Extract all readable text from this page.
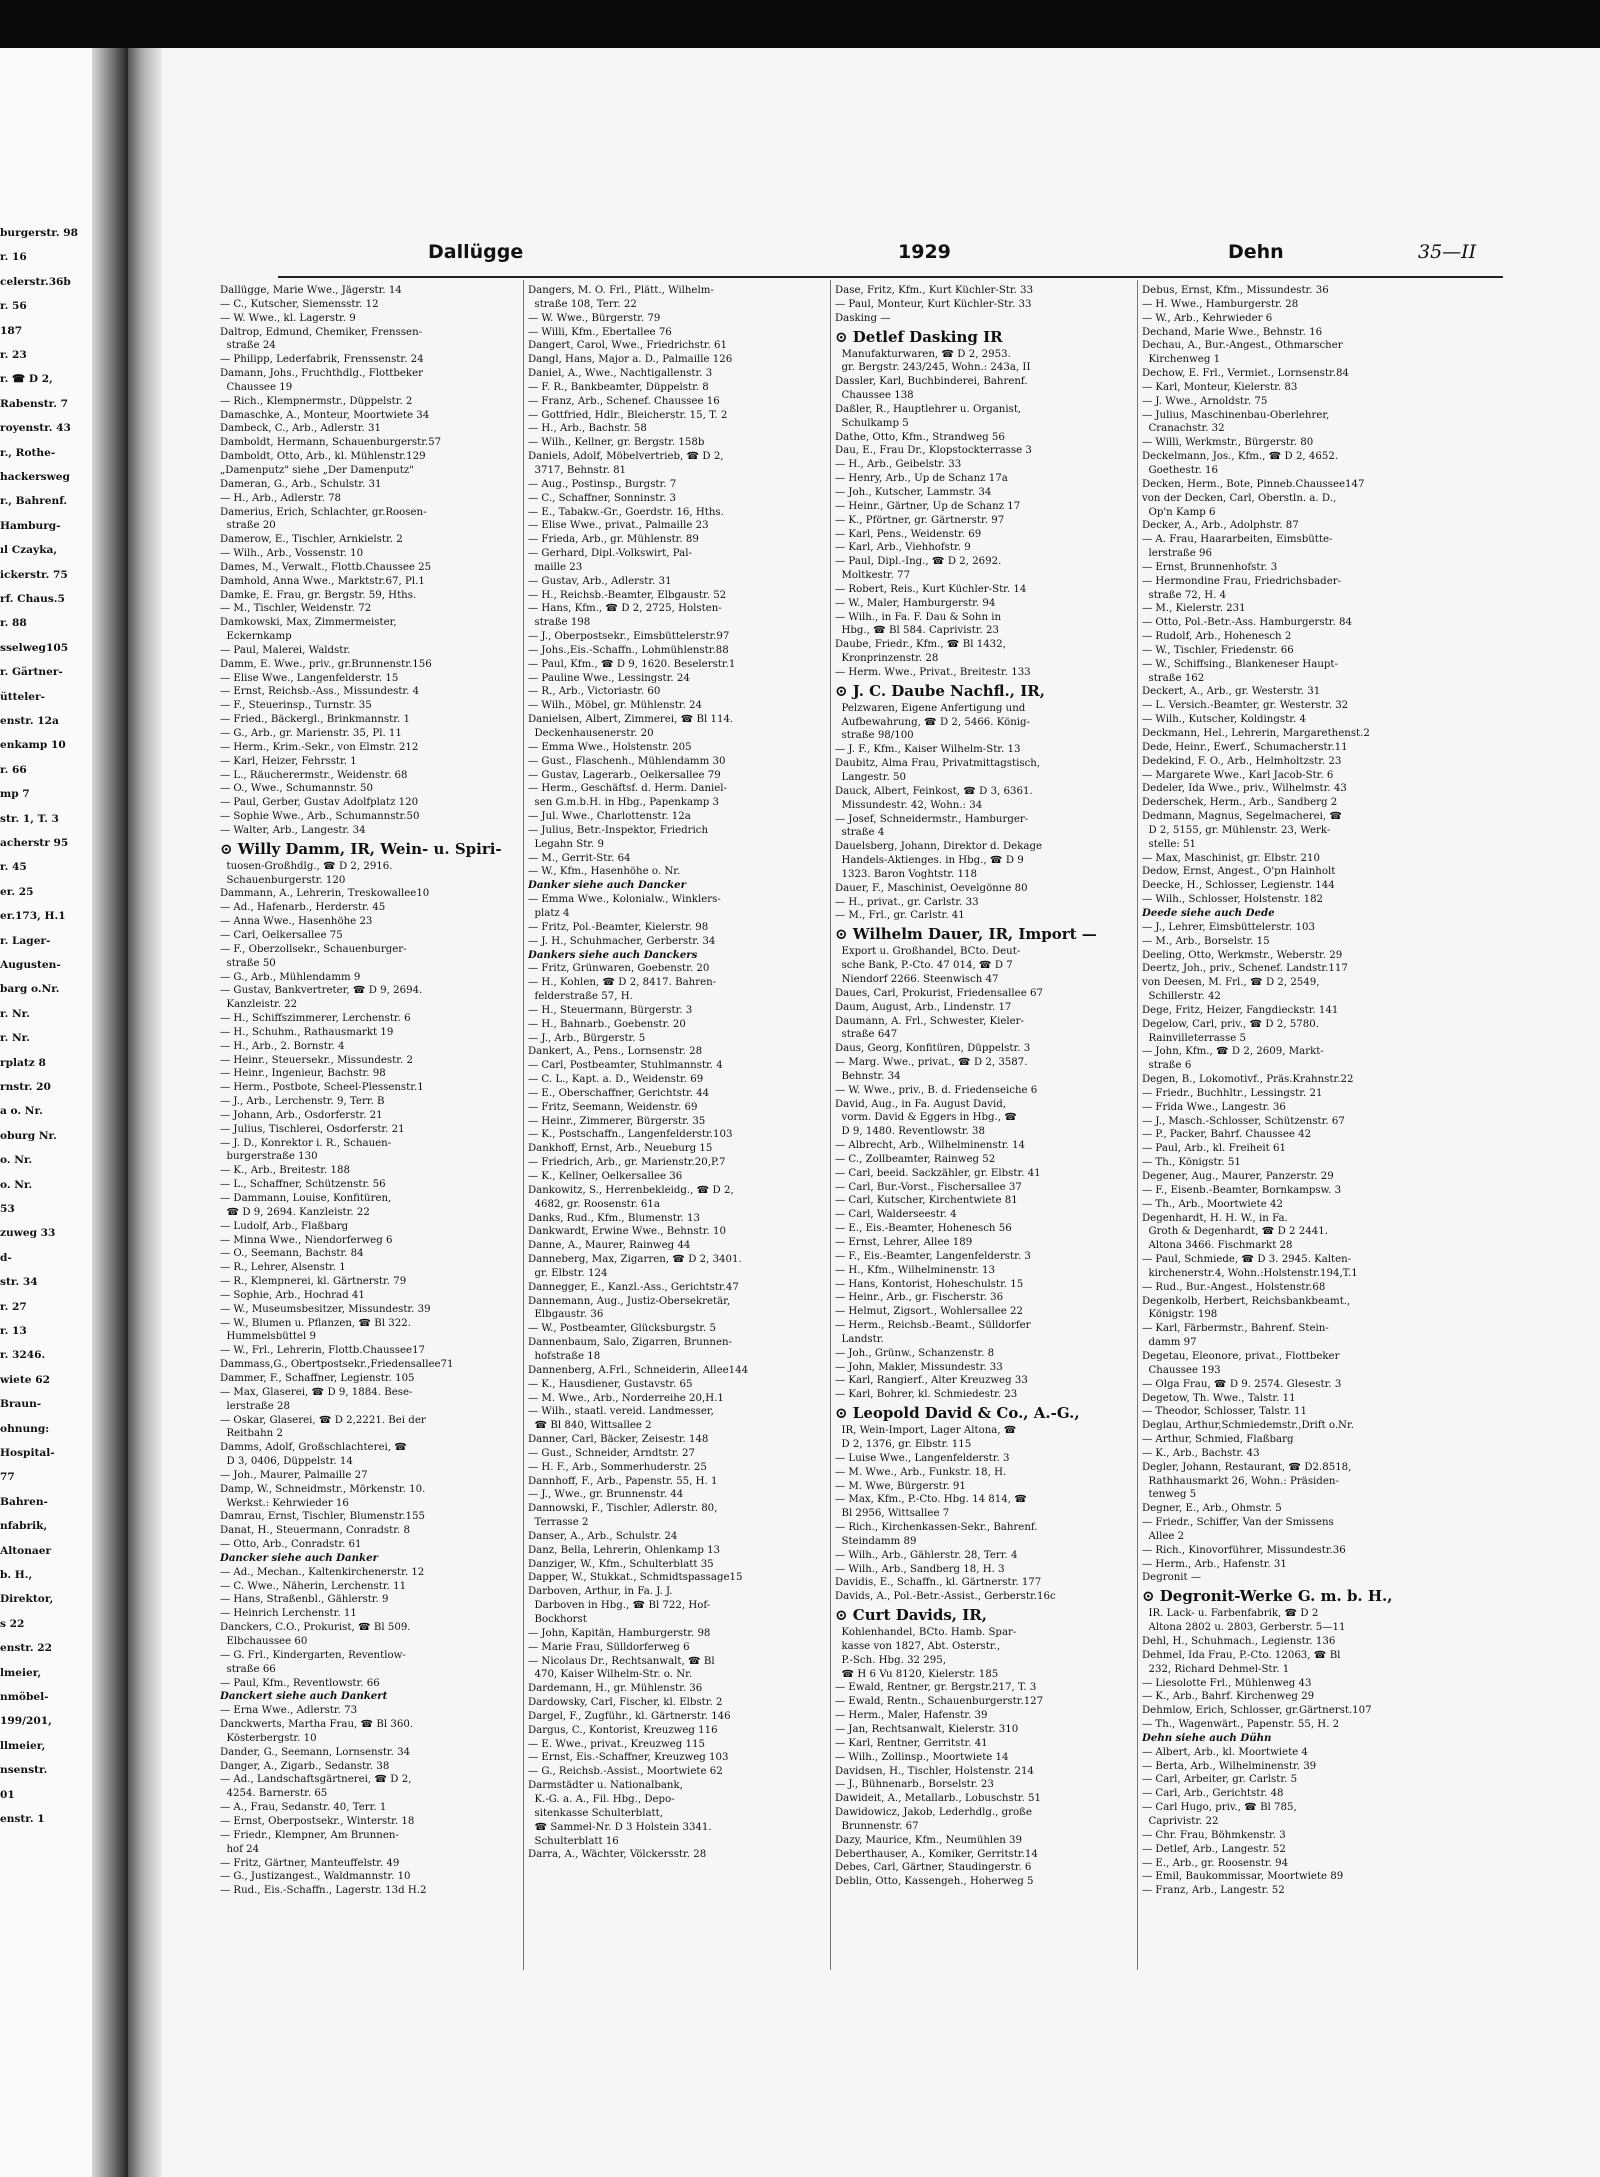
burgerstr. 98
r. 16
celerstr.36b
r. 56
187
r. 23
r. ☎ D 2,
Rabenstr. 7
royenstr. 43
r., Rothe-
hackersweg
r., Bahrenf.
Hamburg-
ıl Czayka,
ickerstr. 75
rf. Chaus.5
r. 88
sselweg105
r. Gärtner-
ütteler-
enstr. 12a
enkamp 10
r. 66
mp 7
str. 1, T. 3
acherstr 95
r. 45
er. 25
er.173, H.1
r. Lager-
Augusten-
barg o.Nr.
r. Nr.
r. Nr.
rplatz 8
rnstr. 20
a o. Nr.
oburg Nr.
o. Nr.
o. Nr.
53
zuweg 33
d-
str. 34
r. 27
r. 13
r. 3246.
wiete 62
Braun-
ohnung:
Hospital-
77
Bahren-
nfabrik,
Altonaer
b. H.,
Direktor,
s 22
enstr. 22
lmeier,
nmöbel-
199/201,
llmeier,
nsenstr.
01
enstr. 1
Dallügge	1929	Dehn	35—II
Dallügge, Marie Wwe., Jägerstr. 14
— C., Kutscher, Siemensstr. 12
— W. Wwe., kl. Lagerstr. 9
Daltrop, Edmund, Chemiker, Frenssen-
straße 24
— Philipp, Lederfabrik, Frenssenstr. 24
Damann, Johs., Fruchthdlg., Flottbeker
Chaussee 19
— Rich., Klempnermstr., Düppelstr. 2
Damaschke, A., Monteur, Moortwiete 34
Dambeck, C., Arb., Adlerstr. 31
Damboldt, Hermann, Schauenburgerstr.57
Damboldt, Otto, Arb., kl. Mühlenstr.129
„Damenputz" siehe „Der Damenputz"
Dameran, G., Arb., Schulstr. 31
— H., Arb., Adlerstr. 78
Damerius, Erich, Schlachter, gr.Roosen-
straße 20
Damerow, E., Tischler, Arnkielstr. 2
— Wilh., Arb., Vossenstr. 10
Dames, M., Verwalt., Flottb.Chaussee 25
Damhold, Anna Wwe., Marktstr.67, Pl.1
Damke, E. Frau, gr. Bergstr. 59, Hths.
— M., Tischler, Weidenstr. 72
Damkowski, Max, Zimmermeister,
Eckernkamp
— Paul, Malerei, Waldstr.
Damm, E. Wwe., priv., gr.Brunnenstr.156
— Elise Wwe., Langenfelderstr. 15
— Ernst, Reichsb.-Ass., Missundestr. 4
— F., Steuerinsp., Turnstr. 35
— Fried., Bäckergl., Brinkmannstr. 1
— G., Arb., gr. Marienstr. 35, Pl. 11
— Herm., Krim.-Sekr., von Elmstr. 212
— Karl, Heizer, Fehrsstr. 1
— L., Räucherermstr., Weidenstr. 68
— O., Wwe., Schumannstr. 50
— Paul, Gerber, Gustav Adolfplatz 120
— Sophie Wwe., Arb., Schumannstr.50
— Walter, Arb., Langestr. 34
⊙ Willy Damm, IR, Wein- u. Spiri-
tuosen-Großhdlg., ☎ D 2, 2916.
Schauenburgerstr. 120
Dammann, A., Lehrerin, Treskowallee10
— Ad., Hafenarb., Herderstr. 45
— Anna Wwe., Hasenhöhe 23
— Carl, Oelkersallee 75
— F., Oberzollsekr., Schauenburger-
straße 50
— G., Arb., Mühlendamm 9
— Gustav, Bankvertreter, ☎ D 9, 2694.
Kanzleistr. 22
— H., Schiffszimmerer, Lerchenstr. 6
— H., Schuhm., Rathausmarkt 19
— H., Arb., 2. Bornstr. 4
— Heinr., Steuersekr., Missundestr. 2
— Heinr., Ingenieur, Bachstr. 98
— Herm., Postbote, Scheel-Plessenstr.1
— J., Arb., Lerchenstr. 9, Terr. B
— Johann, Arb., Osdorferstr. 21
— Julius, Tischlerei, Osdorferstr. 21
— J. D., Konrektor i. R., Schauen-
burgerstraße 130
— K., Arb., Breitestr. 188
— L., Schaffner, Schützenstr. 56
— Dammann, Louise, Konfitüren,
☎ D 9, 2694. Kanzleistr. 22
— Ludolf, Arb., Flaßbarg
— Minna Wwe., Niendorferweg 6
— O., Seemann, Bachstr. 84
— R., Lehrer, Alsenstr. 1
— R., Klempnerei, kl. Gärtnerstr. 79
— Sophie, Arb., Hochrad 41
— W., Museumsbesitzer, Missundestr. 39
— W., Blumen u. Pflanzen, ☎ Bl 322.
Hummelsbüttel 9
— W., Frl., Lehrerin, Flottb.Chaussee17
Dammass,G., Obertpostsekr.,Friedensallee71
Dammer, F., Schaffner, Legienstr. 105
— Max, Glaserei, ☎ D 9, 1884. Bese-
lerstraße 28
— Oskar, Glaserei, ☎ D 2,2221. Bei der
Reitbahn 2
Damms, Adolf, Großschlachterei, ☎
D 3, 0406, Düppelstr. 14
— Joh., Maurer, Palmaille 27
Damp, W., Schneidmstr., Mörkenstr. 10.
Werkst.: Kehrwieder 16
Damrau, Ernst, Tischler, Blumenstr.155
Danat, H., Steuermann, Conradstr. 8
— Otto, Arb., Conradstr. 61
Dancker siehe auch Danker
— Ad., Mechan., Kaltenkirchenerstr. 12
— C. Wwe., Näherin, Lerchenstr. 11
— Hans, Straßenbl., Gählerstr. 9
— Heinrich Lerchenstr. 11
Danckers, C.O., Prokurist, ☎ Bl 509.
Elbchaussee 60
— G. Frl., Kindergarten, Reventlow-
straße 66
— Paul, Kfm., Reventlowstr. 66
Danckert siehe auch Dankert
— Erna Wwe., Adlerstr. 73
Danckwerts, Martha Frau, ☎ Bl 360.
Kösterbergstr. 10
Dander, G., Seemann, Lornsenstr. 34
Danger, A., Zigarb., Sedanstr. 38
— Ad., Landschaftsgärtnerei, ☎ D 2,
4254. Barnerstr. 65
— A., Frau, Sedanstr. 40, Terr. 1
— Ernst, Oberpostsekr., Winterstr. 18
— Friedr., Klempner, Am Brunnen-
hof 24
— Fritz, Gärtner, Manteuffelstr. 49
— G., Justizangest., Waldmannstr. 10
— Rud., Eis.-Schaffn., Lagerstr. 13d H.2
Dangers, M. O. Frl., Plätt., Wilhelm-
straße 108, Terr. 22
— W. Wwe., Bürgerstr. 79
— Willi, Kfm., Ebertallee 76
Dangert, Carol, Wwe., Friedrichstr. 61
Dangl, Hans, Major a. D., Palmaille 126
Daniel, A., Wwe., Nachtigallenstr. 3
— F. R., Bankbeamter, Düppelstr. 8
— Franz, Arb., Schenef. Chaussee 16
— Gottfried, Hdlr., Bleicherstr. 15, T. 2
— H., Arb., Bachstr. 58
— Wilh., Kellner, gr. Bergstr. 158b
Daniels, Adolf, Möbelvertrieb, ☎ D 2,
3717, Behnstr. 81
— Aug., Postinsp., Burgstr. 7
— C., Schaffner, Sonninstr. 3
— E., Tabakw.-Gr., Goerdstr. 16, Hths.
— Elise Wwe., privat., Palmaille 23
— Frieda, Arb., gr. Mühlenstr. 89
— Gerhard, Dipl.-Volkswirt, Pal-
maille 23
— Gustav, Arb., Adlerstr. 31
— H., Reichsb.-Beamter, Elbgaustr. 52
— Hans, Kfm., ☎ D 2, 2725, Holsten-
straße 198
— J., Oberpostsekr., Eimsbüttelerstr.97
— Johs.,Eis.-Schaffn., Lohmühlenstr.88
— Paul, Kfm., ☎ D 9, 1620. Beselerstr.1
— Pauline Wwe., Lessingstr. 24
— R., Arb., Victoriastr. 60
— Wilh., Möbel, gr. Mühlenstr. 24
Danielsen, Albert, Zimmerei, ☎ Bl 114.
Deckenhausenerstr. 20
— Emma Wwe., Holstenstr. 205
— Gust., Flaschenh., Mühlendamm 30
— Gustav, Lagerarb., Oelkersallee 79
— Herm., Geschäftsf. d. Herm. Daniel-
sen G.m.b.H. in Hbg., Papenkamp 3
— Jul. Wwe., Charlottenstr. 12a
— Julius, Betr.-Inspektor, Friedrich
Legahn Str. 9
— M., Gerrit-Str. 64
— W., Kfm., Hasenhöhe o. Nr.
Danker siehe auch Dancker
— Emma Wwe., Kolonialw., Winklers-
platz 4
— Fritz, Pol.-Beamter, Kielerstr. 98
— J. H., Schuhmacher, Gerberstr. 34
Dankers siehe auch Danckers
— Fritz, Grünwaren, Goebenstr. 20
— H., Kohlen, ☎ D 2, 8417. Bahren-
felderstraße 57, H.
— H., Steuermann, Bürgerstr. 3
— H., Bahnarb., Goebenstr. 20
— J., Arb., Bürgerstr. 5
Dankert, A., Pens., Lornsenstr. 28
— Carl, Postbeamter, Stuhlmannstr. 4
— C. L., Kapt. a. D., Weidenstr. 69
— E., Oberschaffner, Gerichtstr. 44
— Fritz, Seemann, Weidenstr. 69
— Heinr., Zimmerer, Bürgerstr. 35
— K., Postschaffn., Langenfelderstr.103
Dankhoff, Ernst, Arb., Neueburg 15
— Friedrich, Arb., gr. Marienstr.20,P.7
— K., Kellner, Oelkersallee 36
Dankowitz, S., Herrenbekleidg., ☎ D 2,
4682, gr. Roosenstr. 61a
Danks, Rud., Kfm., Blumenstr. 13
Dankwardt, Erwine Wwe., Behnstr. 10
Danne, A., Maurer, Rainweg 44
Danneberg, Max, Zigarren, ☎ D 2, 3401.
gr. Elbstr. 124
Dannegger, E., Kanzl.-Ass., Gerichtstr.47
Dannemann, Aug., Justiz-Obersekretär,
Elbgaustr. 36
— W., Postbeamter, Glücksburgstr. 5
Dannenbaum, Salo, Zigarren, Brunnen-
hofstraße 18
Dannenberg, A.Frl., Schneiderin, Allee144
— K., Hausdiener, Gustavstr. 65
— M. Wwe., Arb., Norderreihe 20,H.1
— Wilh., staatl. vereid. Landmesser,
☎ Bl 840, Wittsallee 2
Danner, Carl, Bäcker, Zeisestr. 148
— Gust., Schneider, Arndtstr. 27
— H. F., Arb., Sommerhuderstr. 25
Dannhoff, F., Arb., Papenstr. 55, H. 1
— J., Wwe., gr. Brunnenstr. 44
Dannowski, F., Tischler, Adlerstr. 80,
Terrasse 2
Danser, A., Arb., Schulstr. 24
Danz, Bella, Lehrerin, Ohlenkamp 13
Danziger, W., Kfm., Schulterblatt 35
Dapper, W., Stukkat., Schmidtspassage15
Darboven, Arthur, in Fa. J. J.
Darboven in Hbg., ☎ Bl 722, Hof-
Bockhorst
— John, Kapitän, Hamburgerstr. 98
— Marie Frau, Sülldorferweg 6
— Nicolaus Dr., Rechtsanwalt, ☎ Bl
470, Kaiser Wilhelm-Str. o. Nr.
Dardemann, H., gr. Mühlenstr. 36
Dardowsky, Carl, Fischer, kl. Elbstr. 2
Dargel, F., Zugführ., kl. Gärtnerstr. 146
Dargus, C., Kontorist, Kreuzweg 116
— E. Wwe., privat., Kreuzweg 115
— Ernst, Eis.-Schaffner, Kreuzweg 103
— G., Reichsb.-Assist., Moortwiete 62
Darmstädter u. Nationalbank,
K.-G. a. A., Fil. Hbg., Depo-
sitenkasse Schulterblatt,
☎ Sammel-Nr. D 3 Holstein 3341.
Schulterblatt 16
Darra, A., Wächter, Völckersstr. 28
Dase, Fritz, Kfm., Kurt Küchler-Str. 33
— Paul, Monteur, Kurt Küchler-Str. 33
Dasking —
⊙ Detlef Dasking IR
Manufakturwaren, ☎ D 2, 2953.
gr. Bergstr. 243/245, Wohn.: 243a, II
Dassler, Karl, Buchbinderei, Bahrenf.
Chaussee 138
Daßler, R., Hauptlehrer u. Organist,
Schulkamp 5
Dathe, Otto, Kfm., Strandweg 56
Dau, E., Frau Dr., Klopstockterrasse 3
— H., Arb., Geibelstr. 33
— Henry, Arb., Up de Schanz 17a
— Joh., Kutscher, Lammstr. 34
— Heinr., Gärtner, Up de Schanz 17
— K., Pförtner, gr. Gärtnerstr. 97
— Karl, Pens., Weidenstr. 69
— Karl, Arb., Viehhofstr. 9
— Paul, Dipl.-Ing., ☎ D 2, 2692.
Moltkestr. 77
— Robert, Reis., Kurt Küchler-Str. 14
— W., Maler, Hamburgerstr. 94
— Wilh., in Fa. F. Dau & Sohn in
Hbg., ☎ Bl 584. Caprivistr. 23
Daube, Friedr., Kfm., ☎ Bl 1432,
Kronprinzenstr. 28
— Herm. Wwe., Privat., Breitestr. 133
⊙ J. C. Daube Nachfl., IR,
Pelzwaren, Eigene Anfertigung und
Aufbewahrung, ☎ D 2, 5466. König-
straße 98/100
— J. F., Kfm., Kaiser Wilhelm-Str. 13
Daubitz, Alma Frau, Privatmittagstisch,
Langestr. 50
Dauck, Albert, Feinkost, ☎ D 3, 6361.
Missundestr. 42, Wohn.: 34
— Josef, Schneidermstr., Hamburger-
straße 4
Dauelsberg, Johann, Direktor d. Dekage
Handels-Aktienges. in Hbg., ☎ D 9
1323. Baron Voghtstr. 118
Dauer, F., Maschinist, Oevelgönne 80
— H., privat., gr. Carlstr. 33
— M., Frl., gr. Carlstr. 41
⊙ Wilhelm Dauer, IR, Import —
Export u. Großhandel, BCto. Deut-
sche Bank, P.-Cto. 47 014, ☎ D 7
Niendorf 2266. Steenwisch 47
Daues, Carl, Prokurist, Friedensallee 67
Daum, August, Arb., Lindenstr. 17
Daumann, A. Frl., Schwester, Kieler-
straße 647
Daus, Georg, Konfitüren, Düppelstr. 3
— Marg. Wwe., privat., ☎ D 2, 3587.
Behnstr. 34
— W. Wwe., priv., B. d. Friedenseiche 6
David, Aug., in Fa. August David,
vorm. David & Eggers in Hbg., ☎
D 9, 1480. Reventlowstr. 38
— Albrecht, Arb., Wilhelminenstr. 14
— C., Zollbeamter, Rainweg 52
— Carl, beeid. Sackzähler, gr. Elbstr. 41
— Carl, Bur.-Vorst., Fischersallee 37
— Carl, Kutscher, Kirchentwiete 81
— Carl, Walderseestr. 4
— E., Eis.-Beamter, Hohenesch 56
— Ernst, Lehrer, Allee 189
— F., Eis.-Beamter, Langenfelderstr. 3
— H., Kfm., Wilhelminenstr. 13
— Hans, Kontorist, Hoheschulstr. 15
— Heinr., Arb., gr. Fischerstr. 36
— Helmut, Zigsort., Wohlersallee 22
— Herm., Reichsb.-Beamt., Sülldorfer
Landstr.
— Joh., Grünw., Schanzenstr. 8
— John, Makler, Missundestr. 33
— Karl, Rangierf., Alter Kreuzweg 33
— Karl, Bohrer, kl. Schmiedestr. 23
⊙ Leopold David & Co., A.-G.,
IR, Wein-Import, Lager Altona, ☎
D 2, 1376, gr. Elbstr. 115
— Luise Wwe., Langenfelderstr. 3
— M. Wwe., Arb., Funkstr. 18, H.
— M. Wwe, Bürgerstr. 91
— Max, Kfm., P.-Cto. Hbg. 14 814, ☎
Bl 2956, Wittsallee 7
— Rich., Kirchenkassen-Sekr., Bahrenf.
Steindamm 89
— Wilh., Arb., Gählerstr. 28, Terr. 4
— Wilh., Arb., Sandberg 18, H. 3
Davidis, E., Schaffn., kl. Gärtnerstr. 177
Davids, A., Pol.-Betr.-Assist., Gerberstr.16c
⊙ Curt Davids, IR,
Kohlenhandel, BCto. Hamb. Spar-
kasse von 1827, Abt. Osterstr.,
P.-Sch. Hbg. 32 295,
☎ H 6 Vu 8120, Kielerstr. 185
— Ewald, Rentner, gr. Bergstr.217, T. 3
— Ewald, Rentn., Schauenburgerstr.127
— Herm., Maler, Hafenstr. 39
— Jan, Rechtsanwalt, Kielerstr. 310
— Karl, Rentner, Gerritstr. 41
— Wilh., Zollinsp., Moortwiete 14
Davidsen, H., Tischler, Holstenstr. 214
— J., Bühnenarb., Borselstr. 23
Dawideit, A., Metallarb., Lobuschstr. 51
Dawidowicz, Jakob, Lederhdlg., große
Brunnenstr. 67
Dazy, Maurice, Kfm., Neumühlen 39
Deberthauser, A., Komiker, Gerritstr.14
Debes, Carl, Gärtner, Staudingerstr. 6
Deblin, Otto, Kassengeh., Hoherweg 5
Debus, Ernst, Kfm., Missundestr. 36
— H. Wwe., Hamburgerstr. 28
— W., Arb., Kehrwieder 6
Dechand, Marie Wwe., Behnstr. 16
Dechau, A., Bur.-Angest., Othmarscher
Kirchenweg 1
Dechow, E. Frl., Vermiet., Lornsenstr.84
— Karl, Monteur, Kielerstr. 83
— J. Wwe., Arnoldstr. 75
— Julius, Maschinenbau-Oberlehrer,
Cranachstr. 32
— Willi, Werkmstr., Bürgerstr. 80
Deckelmann, Jos., Kfm., ☎ D 2, 4652.
Goethestr. 16
Decken, Herm., Bote, Pinneb.Chaussee147
von der Decken, Carl, Oberstln. a. D.,
Op'n Kamp 6
Decker, A., Arb., Adolphstr. 87
— A. Frau, Haararbeiten, Eimsbütte-
lerstraße 96
— Ernst, Brunnenhofstr. 3
— Hermondine Frau, Friedrichsbader-
straße 72, H. 4
— M., Kielerstr. 231
— Otto, Pol.-Betr.-Ass. Hamburgerstr. 84
— Rudolf, Arb., Hohenesch 2
— W., Tischler, Friedenstr. 66
— W., Schiffsing., Blankeneser Haupt-
straße 162
Deckert, A., Arb., gr. Westerstr. 31
— L. Versich.-Beamter, gr. Westerstr. 32
— Wilh., Kutscher, Koldingstr. 4
Deckmann, Hel., Lehrerin, Margarethenst.2
Dede, Heinr., Ewerf., Schumacherstr.11
Dedekind, F. O., Arb., Helmholtzstr. 23
— Margarete Wwe., Karl Jacob-Str. 6
Dedeler, Ida Wwe., priv., Wilhelmstr. 43
Dederschek, Herm., Arb., Sandberg 2
Dedmann, Magnus, Segelmacherei, ☎
D 2, 5155, gr. Mühlenstr. 23, Werk-
stelle: 51
— Max, Maschinist, gr. Elbstr. 210
Dedow, Ernst, Angest., O'pn Hainholt
Deecke, H., Schlosser, Legienstr. 144
— Wilh., Schlosser, Holstenstr. 182
Deede siehe auch Dede
— J., Lehrer, Eimsbüttelerstr. 103
— M., Arb., Borselstr. 15
Deeling, Otto, Werkmstr., Weberstr. 29
Deertz, Joh., priv., Schenef. Landstr.117
von Deesen, M. Frl., ☎ D 2, 2549,
Schillerstr. 42
Dege, Fritz, Heizer, Fangdieckstr. 141
Degelow, Carl, priv., ☎ D 2, 5780.
Rainvilleterrasse 5
— John, Kfm., ☎ D 2, 2609, Markt-
straße 6
Degen, B., Lokomotivf., Präs.Krahnstr.22
— Friedr., Buchhltr., Lessingstr. 21
— Frida Wwe., Langestr. 36
— J., Masch.-Schlosser, Schützenstr. 67
— P., Packer, Bahrf. Chaussee 42
— Paul, Arb., kl. Freiheit 61
— Th., Königstr. 51
Degener, Aug., Maurer, Panzerstr. 29
— F., Eisenb.-Beamter, Bornkampsw. 3
— Th., Arb., Moortwiete 42
Degenhardt, H. H. W., in Fa.
Groth & Degenhardt, ☎ D 2 2441.
Altona 3466. Fischmarkt 28
— Paul, Schmiede, ☎ D 3. 2945. Kalten-
kirchenerstr.4, Wohn.:Holstenstr.194,T.1
— Rud., Bur.-Angest., Holstenstr.68
Degenkolb, Herbert, Reichsbankbeamt.,
Königstr. 198
— Karl, Färbermstr., Bahrenf. Stein-
damm 97
Degetau, Eleonore, privat., Flottbeker
Chaussee 193
— Olga Frau, ☎ D 9. 2574. Glesestr. 3
Degetow, Th. Wwe., Talstr. 11
— Theodor, Schlosser, Talstr. 11
Deglau, Arthur,Schmiedemstr.,Drift o.Nr.
— Arthur, Schmied, Flaßbarg
— K., Arb., Bachstr. 43
Degler, Johann, Restaurant, ☎ D2.8518,
Rathhausmarkt 26, Wohn.: Präsiden-
tenweg 5
Degner, E., Arb., Ohmstr. 5
— Friedr., Schiffer, Van der Smissens
Allee 2
— Rich., Kinovorführer, Missundestr.36
— Herm., Arb., Hafenstr. 31
Degronit —
⊙ Degronit-Werke G. m. b. H.,
IR. Lack- u. Farbenfabrik, ☎ D 2
Altona 2802 u. 2803, Gerberstr. 5—11
Dehl, H., Schuhmach., Legienstr. 136
Dehmel, Ida Frau, P.-Cto. 12063, ☎ Bl
232, Richard Dehmel-Str. 1
— Liesolotte Frl., Mühlenweg 43
— K., Arb., Bahrf. Kirchenweg 29
Dehmlow, Erich, Schlosser, gr.Gärtnerst.107
— Th., Wagenwärt., Papenstr. 55, H. 2
Dehn siehe auch Dühn
— Albert, Arb., kl. Moortwiete 4
— Berta, Arb., Wilhelminenstr. 39
— Carl, Arbeiter, gr. Carlstr. 5
— Carl, Arb., Gerichtstr. 48
— Carl Hugo, priv., ☎ Bl 785,
Caprivistr. 22
— Chr. Frau, Böhmkenstr. 3
— Detlef, Arb., Langestr. 52
— E., Arb., gr. Roosenstr. 94
— Emil, Baukommissar, Moortwiete 89
— Franz, Arb., Langestr. 52
